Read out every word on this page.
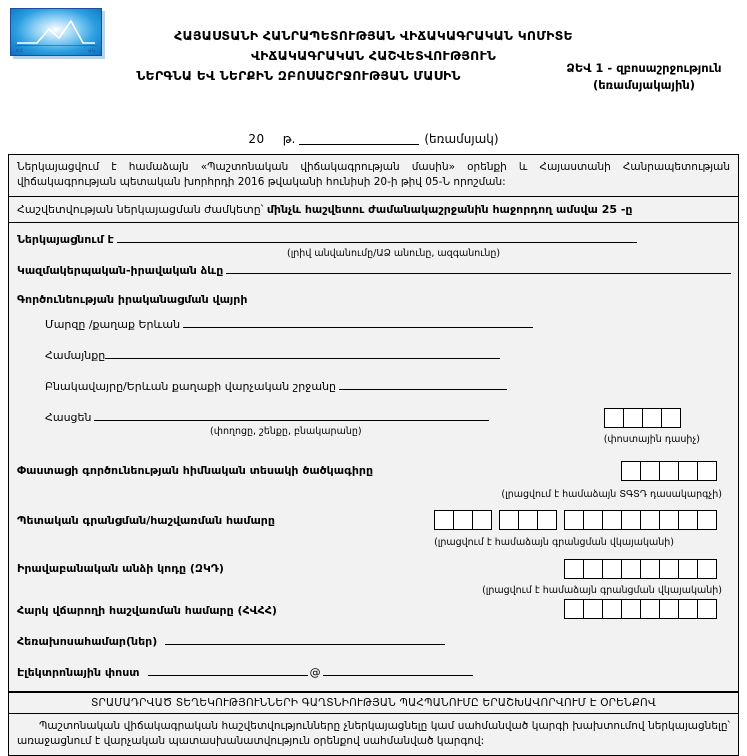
ՀՀ	ՎԿ
ՀԱՅԱՍՏԱՆԻ ՀԱՆՐԱՊԵՏՈՒԹՅԱՆ ՎԻՃԱԿԱԳՐԱԿԱՆ ԿՈՄԻՏԵ
ՎԻՃԱԿԱԳՐԱԿԱՆ ՀԱՇՎԵՏՎՈՒԹՅՈՒՆ
ՆԵՐԳՆԱ ԵՎ ՆԵՐՔԻՆ ԶԲՈՍԱՇՐՋՈՒԹՅԱՆ ՄԱՍԻՆ	ՁԵՎ 1 - զբոսաշրջություն
(եռամսյակային)
20 թ.	(եռամսյակ)
Ներկայացվում է համաձայն «Պաշտոնական վիճակագրության մասին» օրենքի և Հայաստանի Հանրապետության վիճակագրության պետական խորհրդի 2016 թվականի հունիսի 20-ի թիվ 05-Ն որոշման:
Հաշվետվության ներկայացման ժամկետը՝ մինչև հաշվետու ժամանակաշրջանին հաջորդող ամսվա 25 -ը
Ներկայացնում է
(լրիվ անվանումը/ԱՁ անունը, ազգանունը)
Կազմակերպական-իրավական ձևը
Գործունեության իրականացման վայրի
Մարզը /քաղաք Երևան
Համայնքը
Բնակավայրը/Երևան քաղաքի վարչական շրջանը
Հասցեն
(փողոցը, շենքը, բնակարանը)
(փոստային դասիչ)
Փաստացի գործունեության հիմնական տեսակի ծածկագիրը
(լրացվում է համաձայն ՏԳՏԴ դասակարգչի)
Պետական գրանցման/հաշվառման համարը
(լրացվում է համաձայն գրանցման վկայականի)
Իրավաբանական անձի կոդը (ԶԿԴ)
(լրացվում է համաձայն գրանցման վկայականի)
Հարկ վճարողի հաշվառման համարը (ՀՎՀՀ)
Հեռախոսահամար(ներ)
Էլեկտրոնային փոստ	@
ՏՐԱՄԱԴՐՎԱԾ ՏԵՂԵԿՈՒԹՅՈՒՆՆԵՐԻ ԳԱՂՏՆԻՈՒԹՅԱՆ ՊԱՀՊԱՆՈՒՄԸ ԵՐԱՇԽԱՎՈՐՎՈՒՄ Է ՕՐԵՆՔՈՎ
Պաշտոնական վիճակագրական հաշվետվությունները չներկայացնելը կամ սահմանված կարգի խախտումով ներկայացնելը՝ առաջացնում է վարչական պատասխանատվություն օրենքով սահմանված կարգով:
